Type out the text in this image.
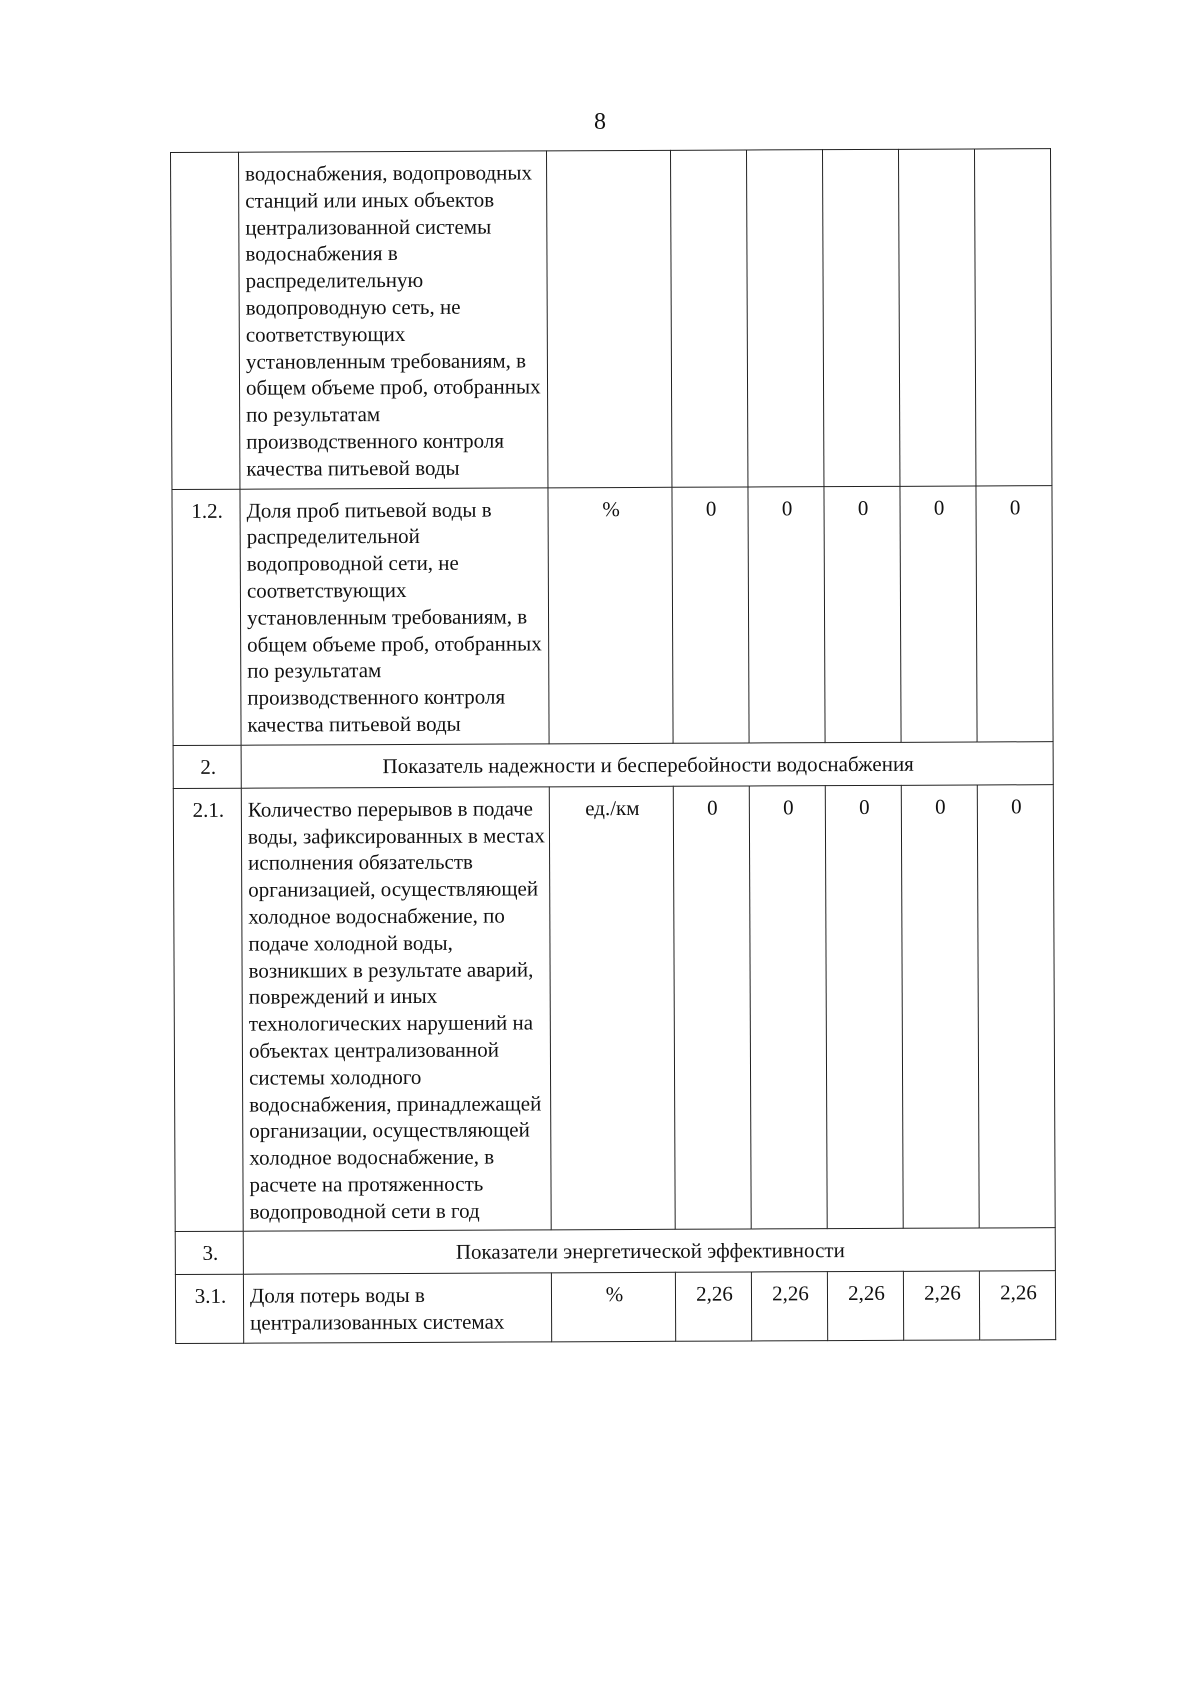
8
	водоснабжения, водопроводных станций или иных объектов централизованной системы водоснабжения в распределительную водопроводную сеть, не соответствующих установленным требованиям, в общем объеме проб, отобранных по результатам производственного контроля качества питьевой воды						
1.2.	Доля проб питьевой воды в распределительной водопроводной сети, не соответствующих установленным требованиям, в общем объеме проб, отобранных по результатам производственного контроля качества питьевой воды	%	0	0	0	0	0
2.	Показатель надежности и бесперебойности водоснабжения						
2.1.	Количество перерывов в подаче воды, зафиксированных в местах исполнения обязательств организацией, осуществляющей холодное водоснабжение, по подаче холодной воды, возникших в результате аварий, повреждений и иных технологических нарушений на объектах централизованной системы холодного водоснабжения, принадлежащей организации, осуществляющей холодное водоснабжение, в расчете на протяженность водопроводной сети в год	ед./км	0	0	0	0	0
3.	Показатели энергетической эффективности						
3.1.	Доля потерь воды в централизованных системах	%	2,26	2,26	2,26	2,26	2,26
